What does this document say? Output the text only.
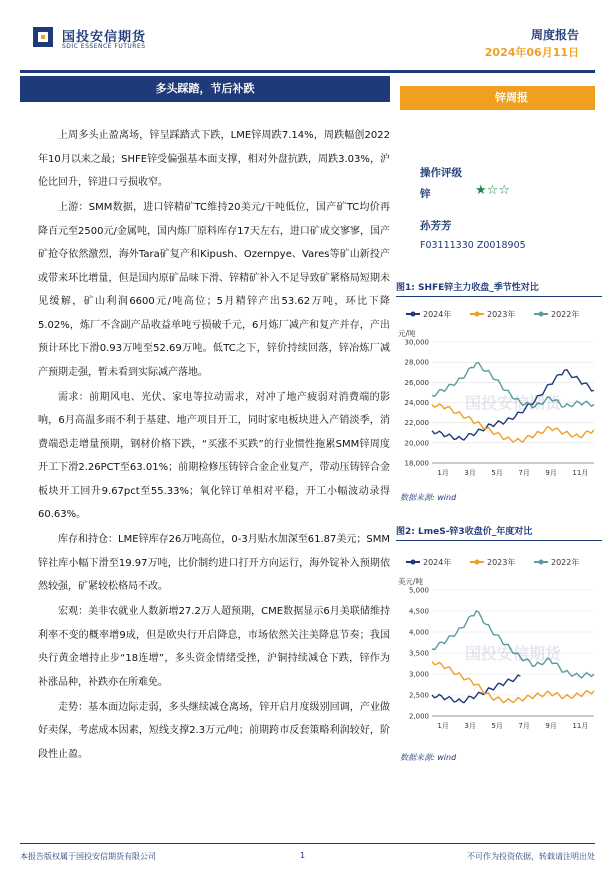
国投安信期货
SDIC ESSENCE FUTURES
周度报告
2024年06月11日
多头踩踏，节后补跌
锌周报

上周多头止盈离场，锌呈踩踏式下跌，LME锌周跌7.14%，周跌幅创2022年10月以来之最；SHFE锌受偏强基本面支撑，相对外盘抗跌，周跌3.03%，沪伦比回升，锌进口亏损收窄。

上游：SMM数据，进口锌精矿TC维持20美元/干吨低位，国产矿TC均价再降百元至2500元/金属吨，国内炼厂原料库存17天左右，进口矿成交寥寥，国产矿抢夺依然激烈，海外Tara矿复产和Kipush、Ozernpye、Vares等矿山新投产或带来环比增量，但是国内原矿品味下滑、锌精矿补入不足导致矿紧格局短期未见缓解，矿山利润6600元/吨高位；5月精锌产出53.62万吨，环比下降5.02%，炼厂不含副产品收益单吨亏损破千元，6月炼厂减产和复产并存，产出预计环比下滑0.93万吨至52.69万吨。低TC之下，锌价持续回落，锌冶炼厂减产预期走强，暂未看到实际减产落地。

需求：前期风电、光伏、家电等拉动需求，对冲了地产疲弱对消费端的影响，6月高温多雨不利于基建、地产项目开工，同时家电板块进入产销淡季，消费端恐走增量预期，钢材价格下跌，“买涨不买跌”的行业惯性拖累SMM锌周度开工下滑2.26PCT至63.01%；前期检修压铸锌合金企业复产，带动压铸锌合金板块开工回升9.67pct至55.33%；氧化锌订单相对平稳，开工小幅波动录得60.63%。

库存和持仓：LME锌库存26万吨高位，0-3月贴水加深至61.87美元；SMM锌社库小幅下滑至19.97万吨，比价制约进口打开方向运行，海外锭补入预期依然较强，矿紧较松格局不改。

宏观：美非农就业人数新增27.2万人超预期，CME数据显示6月美联储维持利率不变的概率增9成，但是欧央行开启降息，市场依然关注美降息节奏；我国央行黄金增持止步“18连增”，多头资金情绪受挫，沪铜持续减仓下跌，锌作为补涨品种，补跌亦在所难免。

走势：基本面边际走弱，多头继续减仓离场，锌开启月度级别回调，产业做好卖保，考虑成本因素，短线支撑2.3万元/吨；前期跨市反套策略利润较好，阶段性止盈。

操作评级
锌	★☆☆
孙芳芳
F03111330 Z0018905
图1: SHFE锌主力收盘_季节性对比
2024年	2023年	2022年
元/吨
18,000
20,000
22,000
24,000
26,000
28,000
30,000
1月 3月 5月 7月 9月 11月
国投安信期货
数据来源: wind
图2: LmeS-锌3收盘价_年度对比
2024年	2023年	2022年
美元/吨
2,000
2,500
3,000
3,500
4,000
4,500
5,000
1月 3月 5月 7月 9月 11月
国投安信期货
数据来源: wind
本报告版权属于国投安信期货有限公司	1	不可作为投资依据，转载请注明出处
